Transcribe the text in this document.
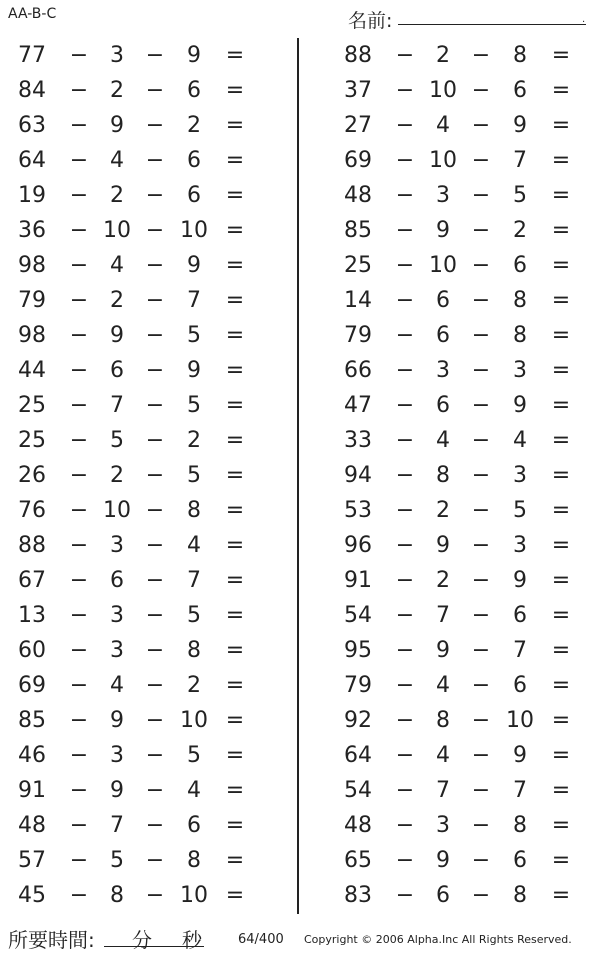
AA-B-C	名前:	.
77 − 3 −	9	=
84 − 2 −	6	=
63 − 9 −	2	=
64 − 4 −	6	=
19 − 2 −	6	=
36 − 10 − 10 =
98 − 4 −	9	=
79 − 2 −	7	=
98 − 9 −	5	=
44 − 6 −	9	=
25 − 7 −	5	=
25 − 5 −	2	=
26 − 2 −	5	=
76 − 10 −	8	=
88 − 3 −	4	=
67 − 6 −	7	=
13 − 3 −	5	=
60 − 3 −	8	=
69 − 4 −	2	=
85 − 9 − 10 =
46 − 3 −	5	=
91 − 9 −	4	=
48 − 7 −	6	=
57 − 5 −	8	=
45 − 8 − 10 =
88 − 2 −	8	=
37 − 10 −	6	=
27 − 4 −	9	=
69 − 10 −	7	=
48 − 3 −	5	=
85 − 9 −	2	=
25 − 10 −	6	=
14 − 6 −	8	=
79 − 6 −	8	=
66 − 3 −	3	=
47 − 6 −	9	=
33 − 4 −	4	=
94 − 8 −	3	=
53 − 2 −	5	=
96 − 9 −	3	=
91 − 2 −	9	=
54 − 7 −	6	=
95 − 9 −	7	=
79 − 4 −	6	=
92 − 8 − 10 =
64 − 4 −	9	=
54 − 7 −	7	=
48 − 3 −	8	=
65 − 9 −	6	=
83 − 6 −	8	=
所要時間: 分 秒	64/400 Copyright © 2006 Alpha.Inc All Rights Reserved.
